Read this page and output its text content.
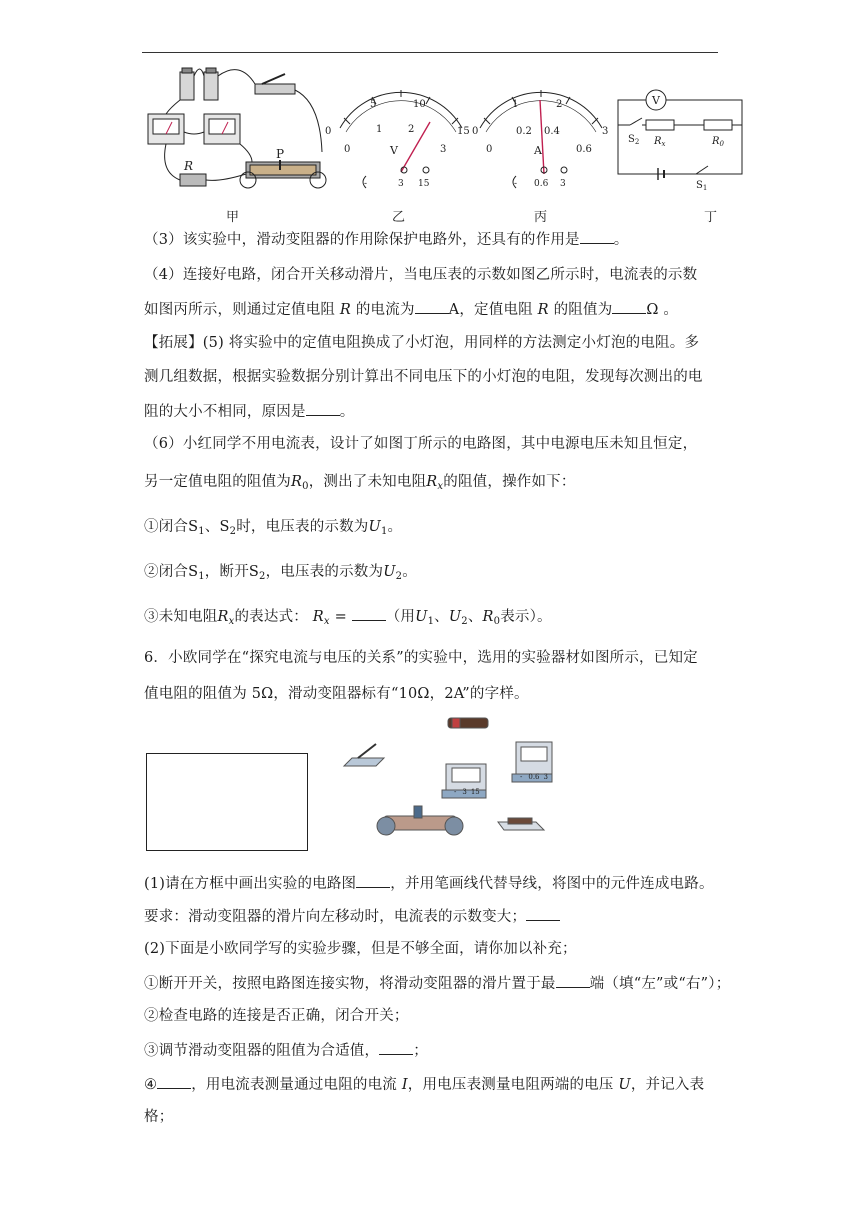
R
P
0
5	10
15
0
1	2
3
V
-	3 15
0
1	2
3
0
0.2 0.4
0.6
A
- 0.6 3
V
$S_2$ $R_x$	$R_0$
$S_1$
甲	乙	丙	丁
（3）该实验中，滑动变阻器的作用除保护电路外，还具有的作用是 。
（4）连接好电路，闭合开关移动滑片，当电压表的示数如图乙所示时，电流表的示数
如图丙所示，则通过定值电阻 R 的电流为 A，定值电阻 R 的阻值为 Ω 。
【拓展】(5) 将实验中的定值电阻换成了小灯泡，用同样的方法测定小灯泡的电阻。多
测几组数据，根据实验数据分别计算出不同电压下的小灯泡的电阻，发现每次测出的电
阻的大小不相同，原因是 。
（6）小红同学不用电流表，设计了如图丁所示的电路图，其中电源电压未知且恒定，
另一定值电阻的阻值为$R_0$，测出了未知电阻$R_x$的阻值，操作如下：
①闭合$S_1$、$S_2$时，电压表的示数为$U_1$。
②闭合$S_1$，断开$S_2$，电压表的示数为$U_2$。
③未知电阻$R_x$的表达式： $R_x$ =	（用$U_1$、$U_2$、$R_0$表示）。
6．小欧同学在“探究电流与电压的关系”的实验中，选用的实验器材如图所示，已知定
值电阻的阻值为 5Ω，滑动变阻器标有“10Ω，2A”的字样。
- 3 15
- 0.6 3
(1)请在方框中画出实验的电路图 ，并用笔画线代替导线，将图中的元件连成电路。
要求：滑动变阻器的滑片向左移动时，电流表的示数变大；
(2)下面是小欧同学写的实验步骤，但是不够全面，请你加以补充；
①断开开关，按照电路图连接实物，将滑动变阻器的滑片置于最 端（填“左”或“右”）；
②检查电路的连接是否正确，闭合开关；
③调节滑动变阻器的阻值为合适值， ；
④ ，用电流表测量通过电阻的电流 I，用电压表测量电阻两端的电压 U，并记入表
格；
